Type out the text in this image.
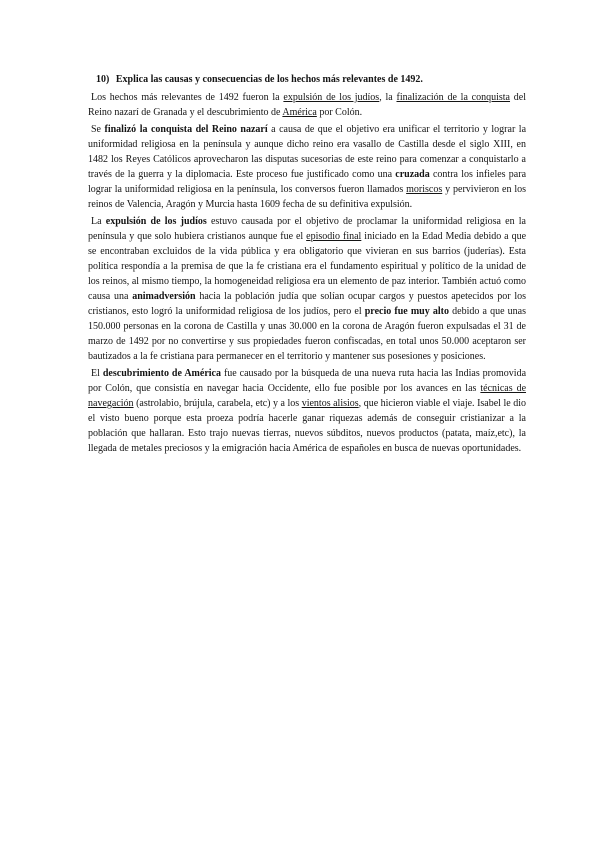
10) Explica las causas y consecuencias de los hechos más relevantes de 1492.

Los hechos más relevantes de 1492 fueron la expulsión de los judíos, la finalización de la conquista del Reino nazarí de Granada y el descubrimiento de América por Colón.

Se finalizó la conquista del Reino nazarí a causa de que el objetivo era unificar el territorio y lograr la uniformidad religiosa en la península y aunque dicho reino era vasallo de Castilla desde el siglo XIII, en 1482 los Reyes Católicos aprovecharon las disputas sucesorias de este reino para comenzar a conquistarlo a través de la guerra y la diplomacia. Este proceso fue justificado como una cruzada contra los infieles para lograr la uniformidad religiosa en la península, los conversos fueron llamados moriscos y pervivieron en los reinos de Valencia, Aragón y Murcia hasta 1609 fecha de su definitiva expulsión.

La expulsión de los judíos estuvo causada por el objetivo de proclamar la uniformidad religiosa en la península y que solo hubiera cristianos aunque fue el episodio final iniciado en la Edad Media debido a que se encontraban excluidos de la vida pública y era obligatorio que vivieran en sus barrios (juderías). Esta política respondía a la premisa de que la fe cristiana era el fundamento espiritual y político de la unidad de los reinos, al mismo tiempo, la homogeneidad religiosa era un elemento de paz interior. También actuó como causa una animadversión hacia la población judía que solían ocupar cargos y puestos apetecidos por los cristianos, esto logró la uniformidad religiosa de los judíos, pero el precio fue muy alto debido a que unas 150.000 personas en la corona de Castilla y unas 30.000 en la corona de Aragón fueron expulsadas el 31 de marzo de 1492 por no convertirse y sus propiedades fueron confiscadas, en total unos 50.000 aceptaron ser bautizados a la fe cristiana para permanecer en el territorio y mantener sus posesiones y posiciones.

El descubrimiento de América fue causado por la búsqueda de una nueva ruta hacia las Indias promovida por Colón, que consistía en navegar hacia Occidente, ello fue posible por los avances en las técnicas de navegación (astrolabio, brújula, carabela, etc) y a los vientos alisios, que hicieron viable el viaje. Isabel le dio el visto bueno porque esta proeza podría hacerle ganar riquezas además de conseguir cristianizar a la población que hallaran. Esto trajo nuevas tierras, nuevos súbditos, nuevos productos (patata, maíz,etc), la llegada de metales preciosos y la emigración hacia América de españoles en busca de nuevas oportunidades.
